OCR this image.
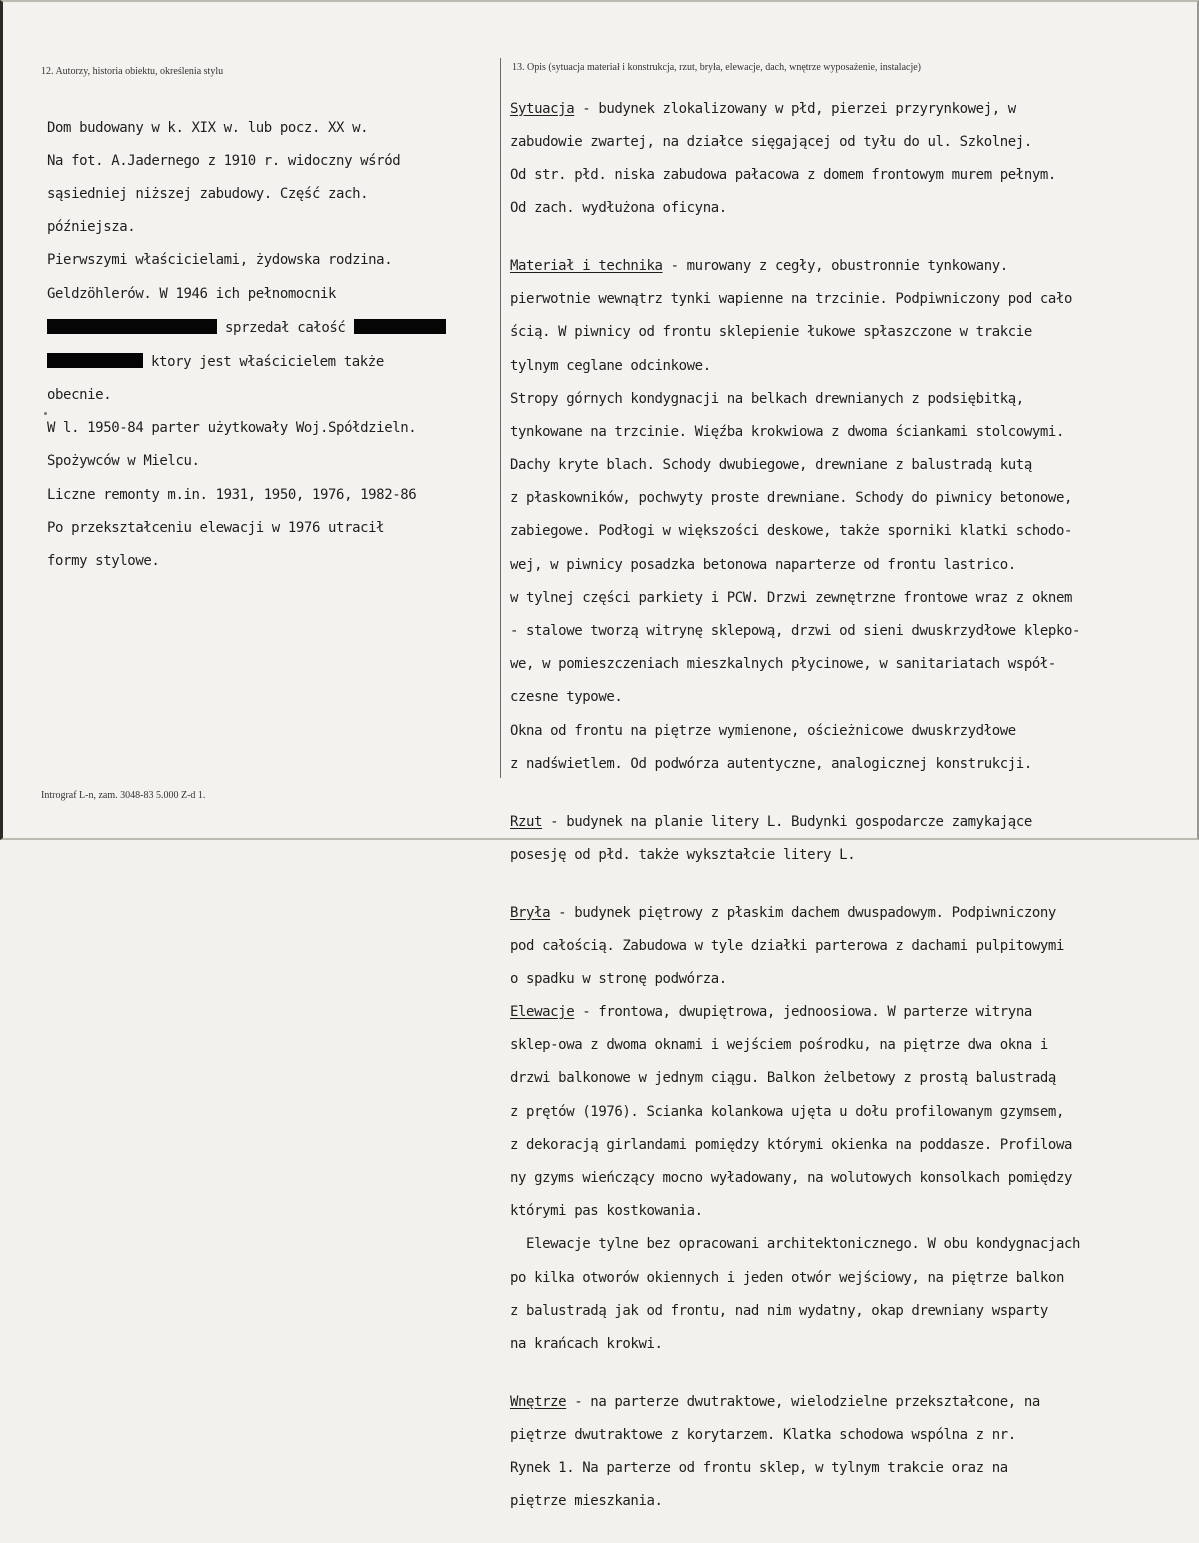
12. Autorzy, historia obiektu, określenia stylu	13. Opis (sytuacja materiał i konstrukcja, rzut, bryła, elewacje, dach, wnętrze wyposażenie, instalacje)

Dom budowany w k. XIX w. lub pocz. XX w.

Na fot. A.Jadernego z 1910 r. widoczny wśród

sąsiedniej niższej zabudowy. Część zach.

późniejsza.

Pierwszymi właścicielami, żydowska rodzina.

Geldzöhlerów. W 1946 ich pełnomocnik

sprzedał całość

ktory jest właścicielem także

obecnie.

W l. 1950-84 parter użytkowały Woj.Spółdzieln.

Spożywców w Mielcu.

Liczne remonty m.in. 1931, 1950, 1976, 1982-86

Po przekształceniu elewacji w 1976 utracił

formy stylowe.

Sytuacja - budynek zlokalizowany w płd, pierzei przyrynkowej, w

zabudowie zwartej, na działce sięgającej od tyłu do ul. Szkolnej.

Od str. płd. niska zabudowa pałacowa z domem frontowym murem pełnym.

Od zach. wydłużona oficyna.

Materiał i technika - murowany z cegły, obustronnie tynkowany.

pierwotnie wewnątrz tynki wapienne na trzcinie. Podpiwniczony pod cało

ścią. W piwnicy od frontu sklepienie łukowe spłaszczone w trakcie

tylnym ceglane odcinkowe.

Stropy górnych kondygnacji na belkach drewnianych z podsiębitką,

tynkowane na trzcinie. Więźba krokwiowa z dwoma ściankami stolcowymi.

Dachy kryte blach. Schody dwubiegowe, drewniane z balustradą kutą

z płaskowników, pochwyty proste drewniane. Schody do piwnicy betonowe,

zabiegowe. Podłogi w większości deskowe, także sporniki klatki schodo-

wej, w piwnicy posadzka betonowa naparterze od frontu lastrico.

w tylnej części parkiety i PCW. Drzwi zewnętrzne frontowe wraz z oknem

- stalowe tworzą witrynę sklepową, drzwi od sieni dwuskrzydłowe klepko-

we, w pomieszczeniach mieszkalnych płycinowe, w sanitariatach współ-

czesne typowe.

Okna od frontu na piętrze wymienone, ościeżnicowe dwuskrzydłowe

z nadświetlem. Od podwórza autentyczne, analogicznej konstrukcji.

Rzut - budynek na planie litery L. Budynki gospodarcze zamykające

posesję od płd. także wykształcie litery L.

Bryła - budynek piętrowy z płaskim dachem dwuspadowym. Podpiwniczony

pod całością. Zabudowa w tyle działki parterowa z dachami pulpitowymi

o spadku w stronę podwórza.

Elewacje - frontowa, dwupiętrowa, jednoosiowa. W parterze witryna

sklep-owa z dwoma oknami i wejściem pośrodku, na piętrze dwa okna i

drzwi balkonowe w jednym ciągu. Balkon żelbetowy z prostą balustradą

z prętów (1976). Scianka kolankowa ujęta u dołu profilowanym gzymsem,

z dekoracją girlandami pomiędzy którymi okienka na poddasze. Profilowa

ny gzyms wieńczący mocno wyładowany, na wolutowych konsolkach pomiędzy

którymi pas kostkowania.

Elewacje tylne bez opracowani architektonicznego. W obu kondygnacjach

po kilka otworów okiennych i jeden otwór wejściowy, na piętrze balkon

z balustradą jak od frontu, nad nim wydatny, okap drewniany wsparty

na krańcach krokwi.

Wnętrze - na parterze dwutraktowe, wielodzielne przekształcone, na

piętrze dwutraktowe z korytarzem. Klatka schodowa wspólna z nr.

Rynek 1. Na parterze od frontu sklep, w tylnym trakcie oraz na

piętrze mieszkania.

Intrograf L-n, zam. 3048-83 5.000 Z-d 1.
